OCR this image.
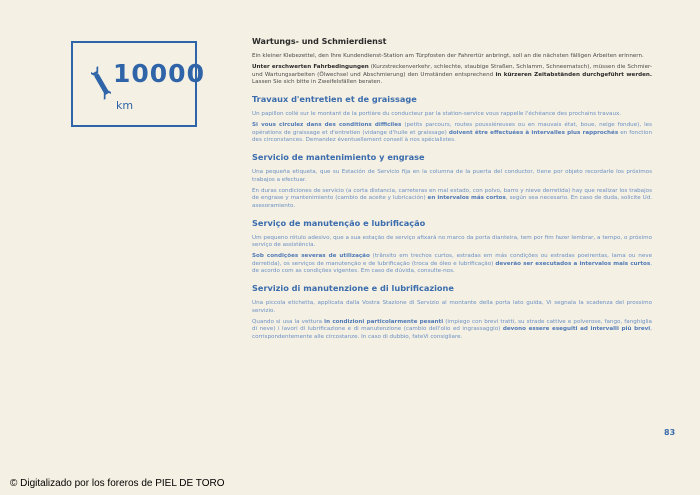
10000
km
Wartungs- und Schmierdienst

Ein kleiner Klebezettel, den Ihre Kundendienst-Station am Türpfosten der Fahrertür anbringt, soll an die nächsten fälligen Arbeiten erinnern.

Unter erschwerten Fahrbedingungen (Kurzstreckenverkehr, schlechte, staubige Straßen, Schlamm, Schneematsch), müssen die Schmier- und Wartungsarbeiten (Ölwechsel und Abschmierung) den Umständen entsprechend in kürzeren Zeitabständen durchgeführt werden. Lassen Sie sich bitte in Zweifelsfällen beraten.

Travaux d'entretien et de graissage

Un papillon collé sur le montant de la portière du conducteur par la station-service vous rappelle l'échéance des prochains travaux.

Si vous circulez dans des conditions difficiles (petits parcours, routes poussiéreuses ou en mauvais état, boue, neige fondue), les opérations de graissage et d'entretien (vidange d'huile et graissage) doivent être effectuées à intervalles plus rapprochés en fonction des circonstances. Demandez éventuellement conseil à nos spécialistes.

Servicio de mantenimiento y engrase

Una pequeña etiqueta, que su Estación de Servicio fija en la columna de la puerta del conductor, tiene por objeto recordarle los próximos trabajos a efectuar.

En duras condiciones de servicio (a corta distancia, carreteras en mal estado, con polvo, barro y nieve derretida) hay que realizar los trabajos de engrase y mantenimiento (cambio de aceite y lubricación) en intervalos más cortos, según sea necesario. En caso de duda, solicite Ud. asesoramiento.

Serviço de manutenção e lubrificação

Um pequeno rótulo adesivo, que a sua estação de serviço afixará no marco da porta dianteira, tem por fim fazer lembrar, a tempo, o próximo serviço de assistência.

Sob condições severas de utilização (trânsito em trechos curtos, estradas em más condições ou estradas poeirentas, lama ou neve derretida), os serviços de manutenção e de lubrificação (troca de óleo e lubrificação) deverão ser executados a intervalos mais curtos, de acordo com as condições vigentes. Em caso de dúvida, consulte-nos.

Servizio di manutenzione e di lubrificazione

Una piccola etichetta, applicata dalla Vostra Stazione di Servizio al montante della porta lato guida, Vi segnala la scadenza del prossimo servizio.

Quando si usa la vettura in condizioni particolarmente pesanti (impiego con brevi tratti, su strade cattive e polverose, fango, fanghiglia di neve) i lavori di lubrificazione e di manutenzione (cambio dell'olio ed ingrassaggio) devono essere eseguiti ad intervalli più brevi, corrispondentemente alle circostanze. In caso di dubbio, fateVi consigliare.

83
© Digitalizado por los foreros de PIEL DE TORO
